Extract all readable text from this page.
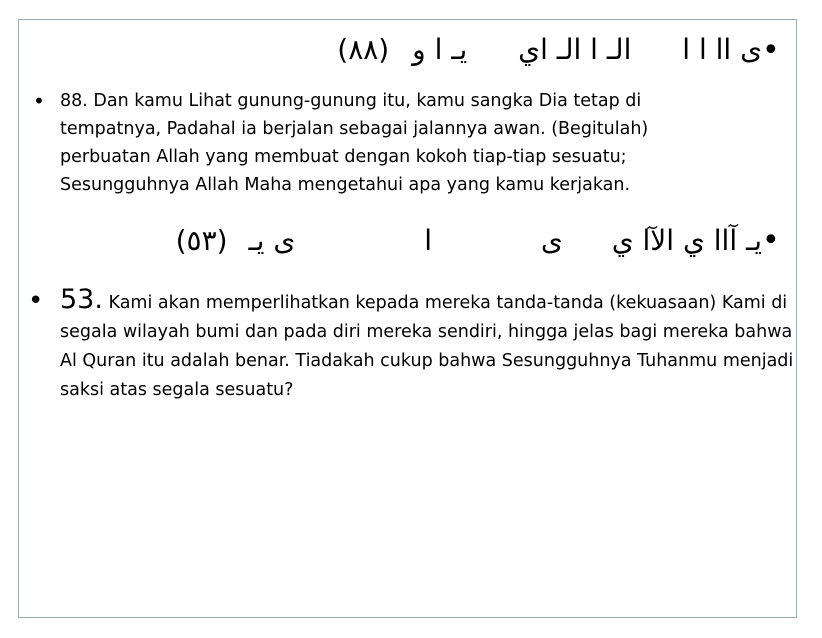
•
ى اا ا ا الـ ا الـ اي يـ ا و (٨٨)
• 88. Dan kamu Lihat gunung-gunung itu, kamu sangka Dia tetap di tempatnya, Padahal ia berjalan sebagai jalannya awan. (Begitulah) perbuatan Allah yang membuat dengan kokoh tiap-tiap sesuatu; Sesungguhnya Allah Maha mengetahui apa yang kamu kerjakan.
•
يـ آاا ي الآا ي ى ا ى يـ (٥٣)
• 53. Kami akan memperlihatkan kepada mereka tanda-tanda (kekuasaan) Kami di segala wilayah bumi dan pada diri mereka sendiri, hingga jelas bagi mereka bahwa Al Quran itu adalah benar. Tiadakah cukup bahwa Sesungguhnya Tuhanmu menjadi saksi atas segala sesuatu?
